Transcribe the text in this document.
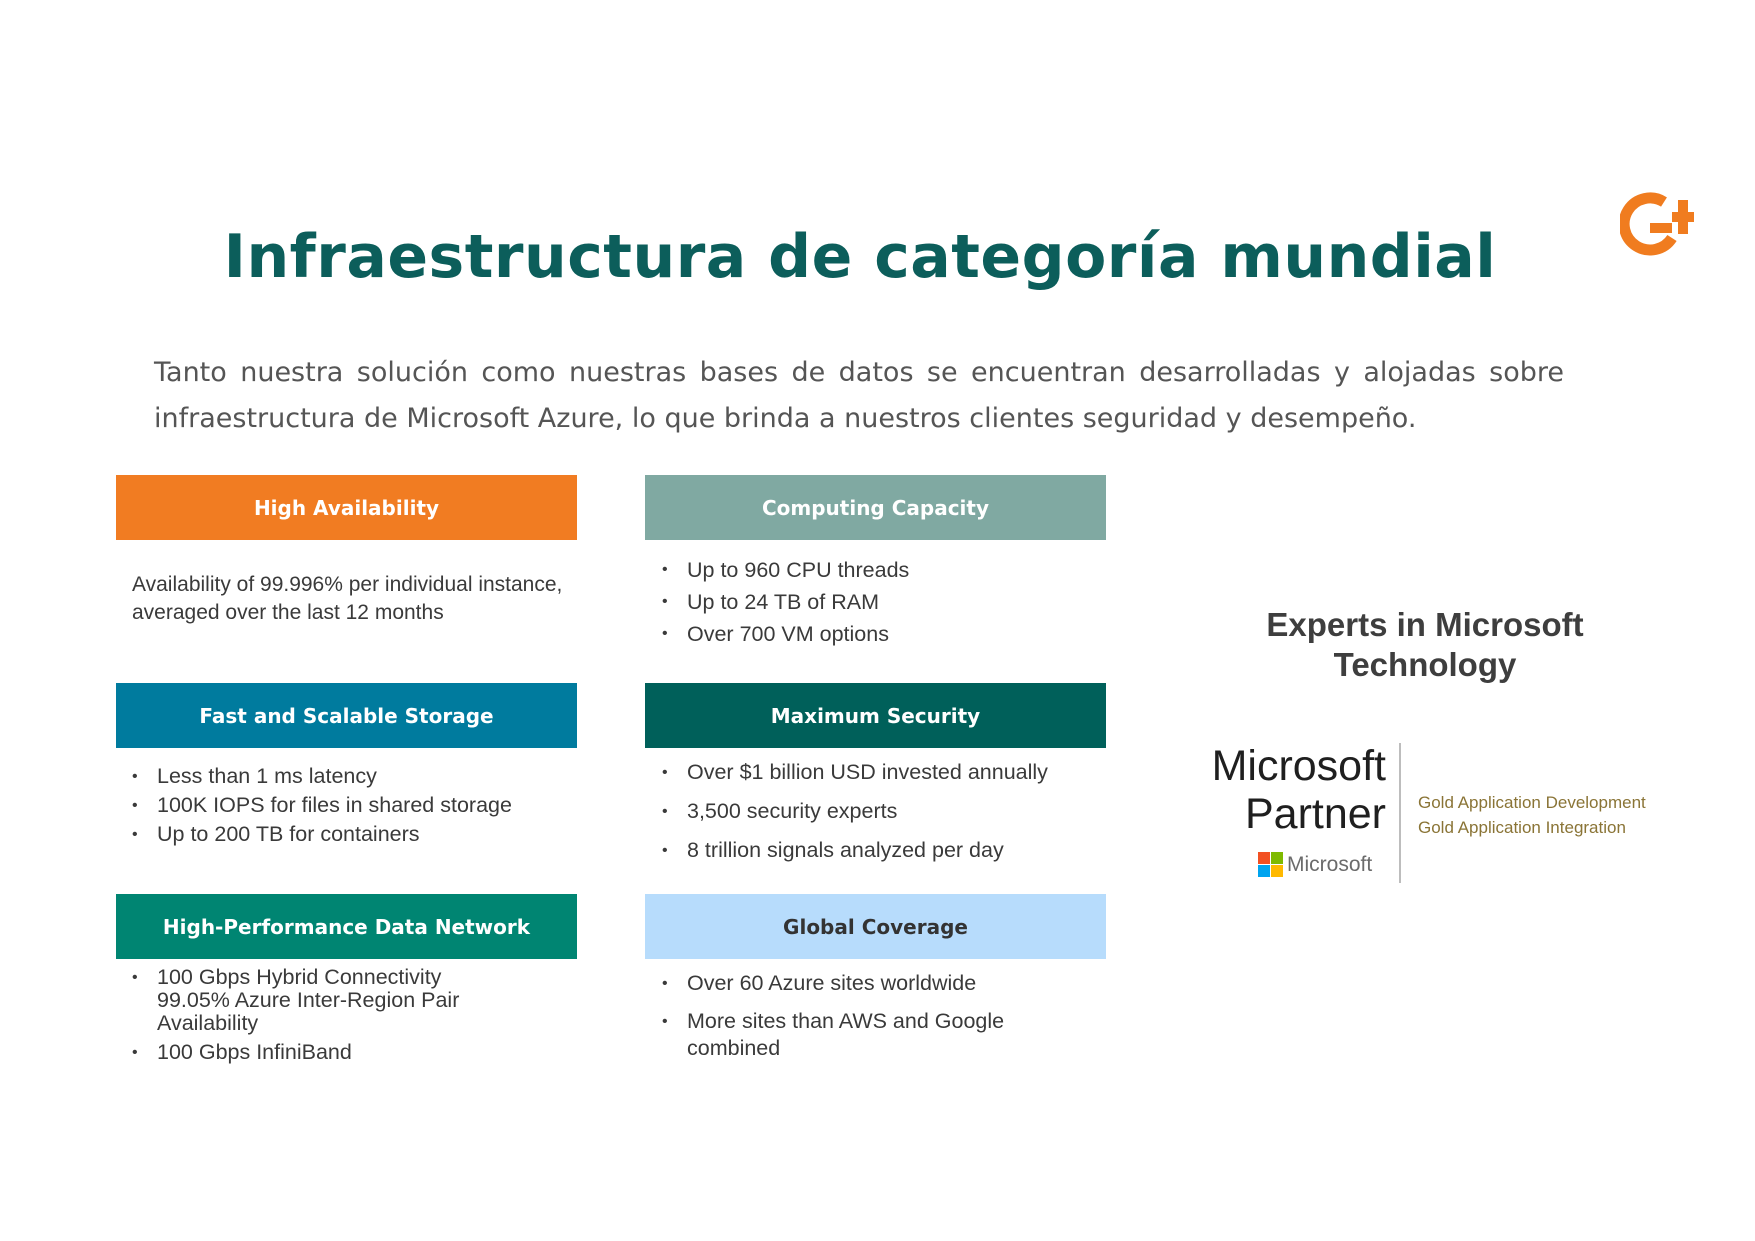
Infraestructura de categoría mundial

Tanto nuestra solución como nuestras bases de datos se encuentran desarrolladas y alojadas sobre infraestructura de Microsoft Azure, lo que brinda a nuestros clientes seguridad y desempeño.

High Availability

Availability of 99.996% per individual instance, averaged over the last 12 months

Computing Capacity
• Up to 960 CPU threads
• Up to 24 TB of RAM
• Over 700 VM options
Fast and Scalable Storage
• Less than 1 ms latency
• 100K IOPS for files in shared storage
• Up to 200 TB for containers
Maximum Security
• Over $1 billion USD invested annually
• 3,500 security experts
• 8 trillion signals analyzed per day
High-Performance Data Network
• 100 Gbps Hybrid Connectivity 99.05% Azure Inter-Region Pair Availability
• 100 Gbps InfiniBand
Global Coverage
• Over 60 Azure sites worldwide
• More sites than AWS and Google combined

Experts in Microsoft Technology

Microsoft
Partner
Microsoft
Gold Application Development
Gold Application Integration
